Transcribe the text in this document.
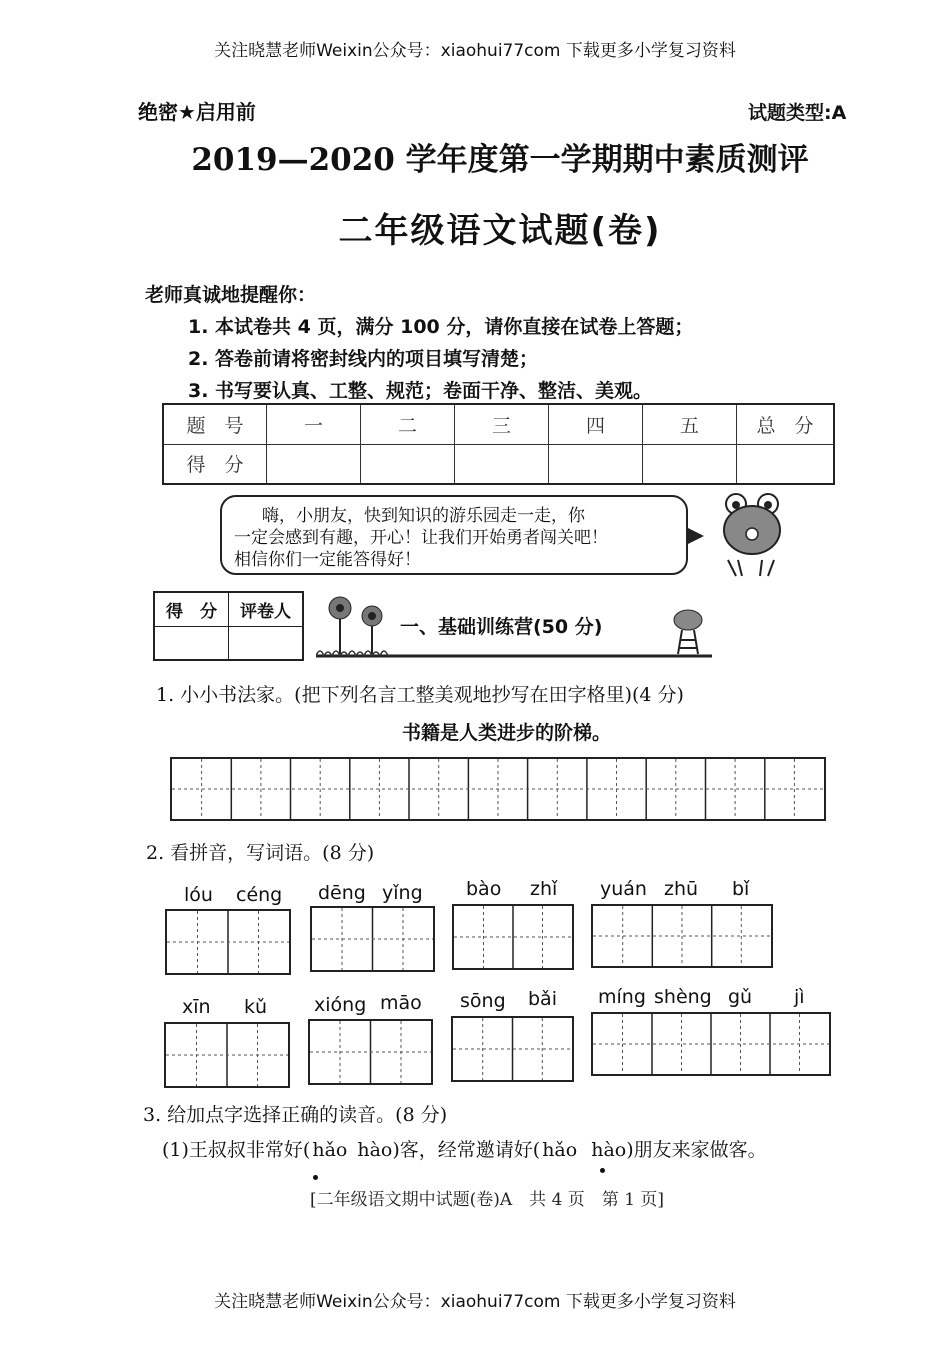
关注晓慧老师Weixin公众号：xiaohui77com 下载更多小学复习资料
绝密★启用前	试题类型:A
2019—2020 学年度第一学期期中素质测评
二年级语文试题(卷)
老师真诚地提醒你：
1. 本试卷共 4 页，满分 100 分，请你直接在试卷上答题；
2. 答卷前请将密封线内的项目填写清楚；
3. 书写要认真、工整、规范；卷面干净、整洁、美观。
题　号	一	二	三	四	五	总　分
得　分						
嗨，小朋友，快到知识的游乐园走一走，你
一定会感到有趣，开心！让我们开始勇者闯关吧！
相信你们一定能答得好！
得　分	评卷人

一、基础训练营(50 分)
1. 小小书法家。(把下列名言工整美观地抄写在田字格里)(4 分)
书籍是人类进步的阶梯。
2. 看拼音，写词语。(8 分)
lóu céng dēng yǐng bào zhǐ yuán zhū bǐ
xīn kǔ xióng māo sōng bǎi míng shèng gǔ jì
3. 给加点字选择正确的读音。(8 分)
(1)王叔叔非常好( hǎo hào)客，经常邀请好( hǎo hào)朋友来家做客。
[二年级语文期中试题(卷)A　共 4 页　第 1 页]
关注晓慧老师Weixin公众号：xiaohui77com 下载更多小学复习资料
